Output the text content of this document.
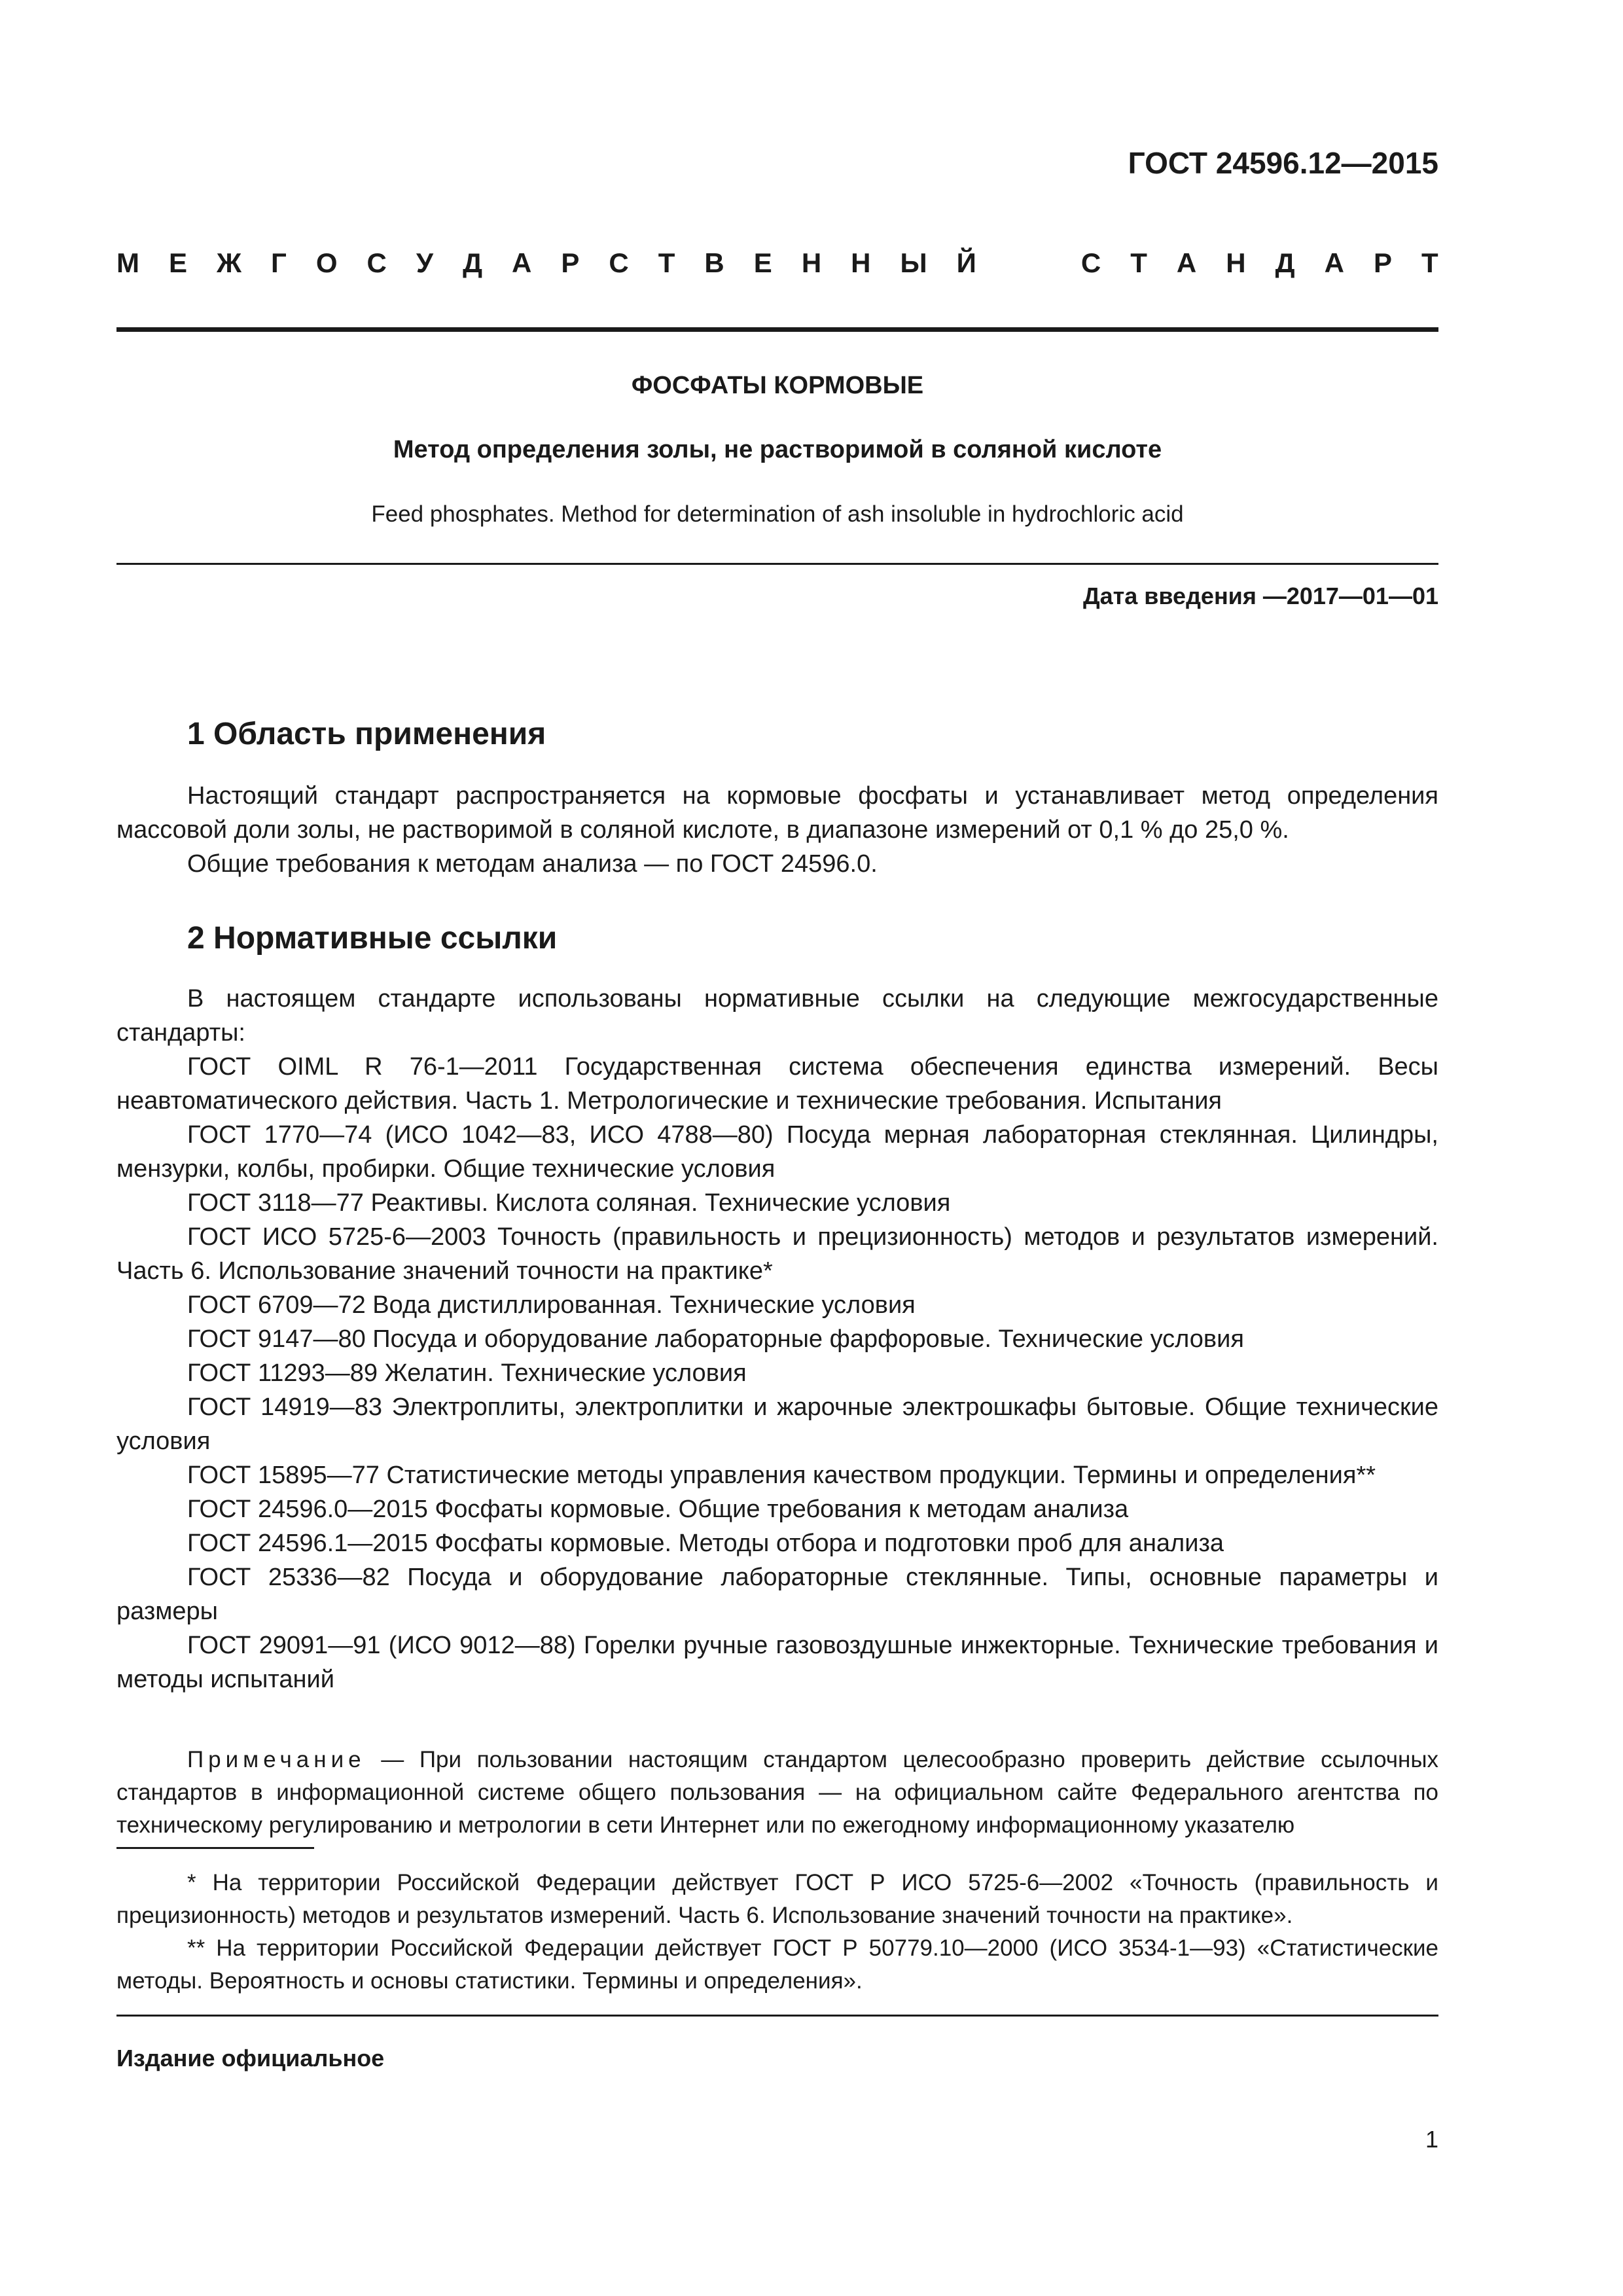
ГОСТ 24596.12—2015

М Е Ж Г О С У Д А Р С Т В Е Н Н Ы Й	С Т А Н Д А Р Т

ФОСФАТЫ КОРМОВЫЕ

Метод определения золы, не растворимой в соляной кислоте

Feed phosphates. Method for determination of ash insoluble in hydrochloric acid

Дата введения —2017—01—01

1 Область применения

Настоящий стандарт распространяется на кормовые фосфаты и устанавливает метод определения массовой доли золы, не растворимой в соляной кислоте, в диапазоне измерений от 0,1 % до 25,0 %.

Общие требования к методам анализа — по ГОСТ 24596.0.

2 Нормативные ссылки

В настоящем стандарте использованы нормативные ссылки на следующие межгосударственные стандарты:

ГОСТ OIML R 76-1—2011 Государственная система обеспечения единства измерений. Весы неавтоматического действия. Часть 1. Метрологические и технические требования. Испытания

ГОСТ 1770—74 (ИСО 1042—83, ИСО 4788—80) Посуда мерная лабораторная стеклянная. Цилиндры, мензурки, колбы, пробирки. Общие технические условия

ГОСТ 3118—77 Реактивы. Кислота соляная. Технические условия

ГОСТ ИСО 5725-6—2003 Точность (правильность и прецизионность) методов и результатов измерений. Часть 6. Использование значений точности на практике*

ГОСТ 6709—72 Вода дистиллированная. Технические условия

ГОСТ 9147—80 Посуда и оборудование лабораторные фарфоровые. Технические условия

ГОСТ 11293—89 Желатин. Технические условия

ГОСТ 14919—83 Электроплиты, электроплитки и жарочные электрошкафы бытовые. Общие технические условия

ГОСТ 15895—77 Статистические методы управления качеством продукции. Термины и определения**

ГОСТ 24596.0—2015 Фосфаты кормовые. Общие требования к методам анализа

ГОСТ 24596.1—2015 Фосфаты кормовые. Методы отбора и подготовки проб для анализа

ГОСТ 25336—82 Посуда и оборудование лабораторные стеклянные. Типы, основные параметры и размеры

ГОСТ 29091—91 (ИСО 9012—88) Горелки ручные газовоздушные инжекторные. Технические требования и методы испытаний

Примечание — При пользовании настоящим стандартом целесообразно проверить действие ссылочных стандартов в информационной системе общего пользования — на официальном сайте Федерального агентства по техническому регулированию и метрологии в сети Интернет или по ежегодному информационному указателю

* На территории Российской Федерации действует ГОСТ Р ИСО 5725-6—2002 «Точность (правильность и прецизионность) методов и результатов измерений. Часть 6. Использование значений точности на практике».

** На территории Российской Федерации действует ГОСТ Р 50779.10—2000 (ИСО 3534-1—93) «Статистические методы. Вероятность и основы статистики. Термины и определения».

Издание официальное

1
